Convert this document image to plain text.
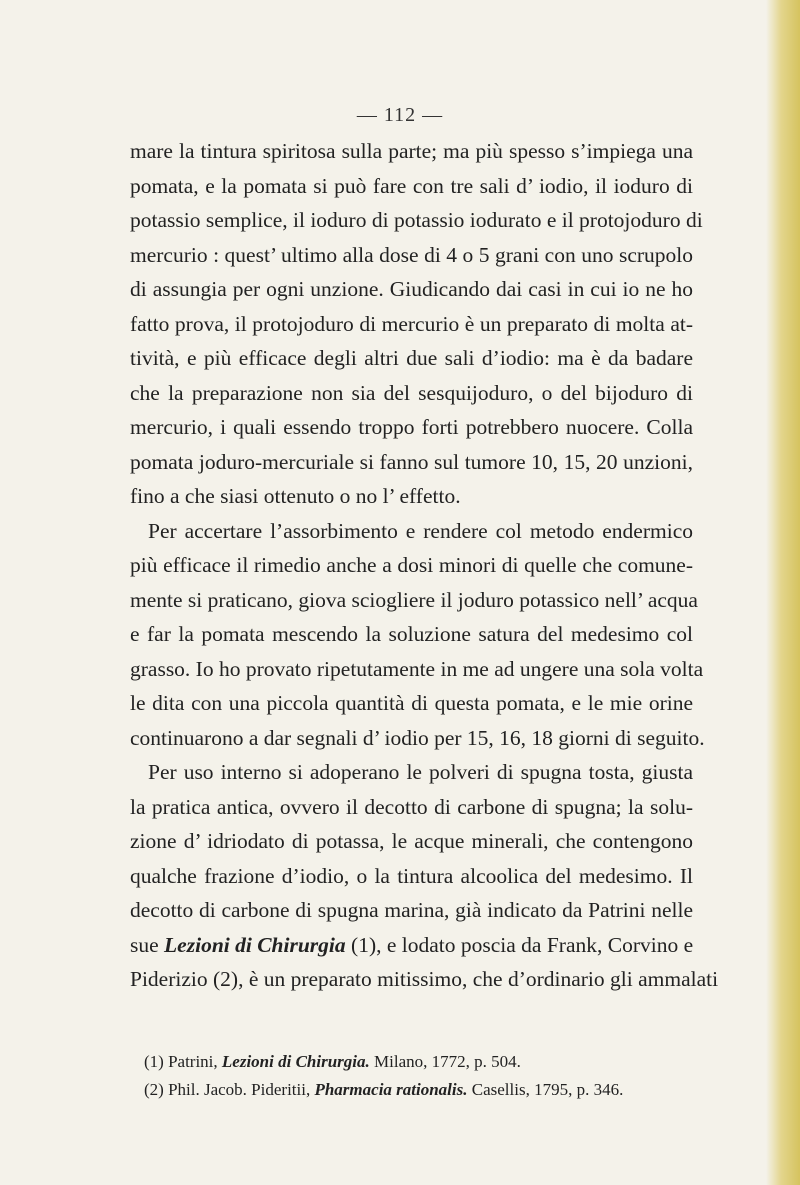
— 112 —
mare la tintura spiritosa sulla parte; ma più spesso s’impiega una
pomata, e la pomata si può fare con tre sali d’ iodio, il ioduro di
potassio semplice, il ioduro di potassio iodurato e il protojoduro di
mercurio : quest’ ultimo alla dose di 4 o 5 grani con uno scrupolo
di assungia per ogni unzione. Giudicando dai casi in cui io ne ho
fatto prova, il protojoduro di mercurio è un preparato di molta at-
tività, e più efficace degli altri due sali d’iodio: ma è da badare
che la preparazione non sia del sesquijoduro, o del bijoduro di
mercurio, i quali essendo troppo forti potrebbero nuocere. Colla
pomata joduro-mercuriale si fanno sul tumore 10, 15, 20 unzioni,
fino a che siasi ottenuto o no l’ effetto.
Per accertare l’assorbimento e rendere col metodo endermico
più efficace il rimedio anche a dosi minori di quelle che comune-
mente si praticano, giova sciogliere il joduro potassico nell’ acqua
e far la pomata mescendo la soluzione satura del medesimo col
grasso. Io ho provato ripetutamente in me ad ungere una sola volta
le dita con una piccola quantità di questa pomata, e le mie orine
continuarono a dar segnali d’ iodio per 15, 16, 18 giorni di seguito.
Per uso interno si adoperano le polveri di spugna tosta, giusta
la pratica antica, ovvero il decotto di carbone di spugna; la solu-
zione d’ idriodato di potassa, le acque minerali, che contengono
qualche frazione d’iodio, o la tintura alcoolica del medesimo. Il
decotto di carbone di spugna marina, già indicato da Patrini nelle
sue Lezioni di Chirurgia (1), e lodato poscia da Frank, Corvino e
Piderizio (2), è un preparato mitissimo, che d’ordinario gli ammalati
(1) Patrini, Lezioni di Chirurgia. Milano, 1772, p. 504.
(2) Phil. Jacob. Pideritii, Pharmacia rationalis. Casellis, 1795, p. 346.
